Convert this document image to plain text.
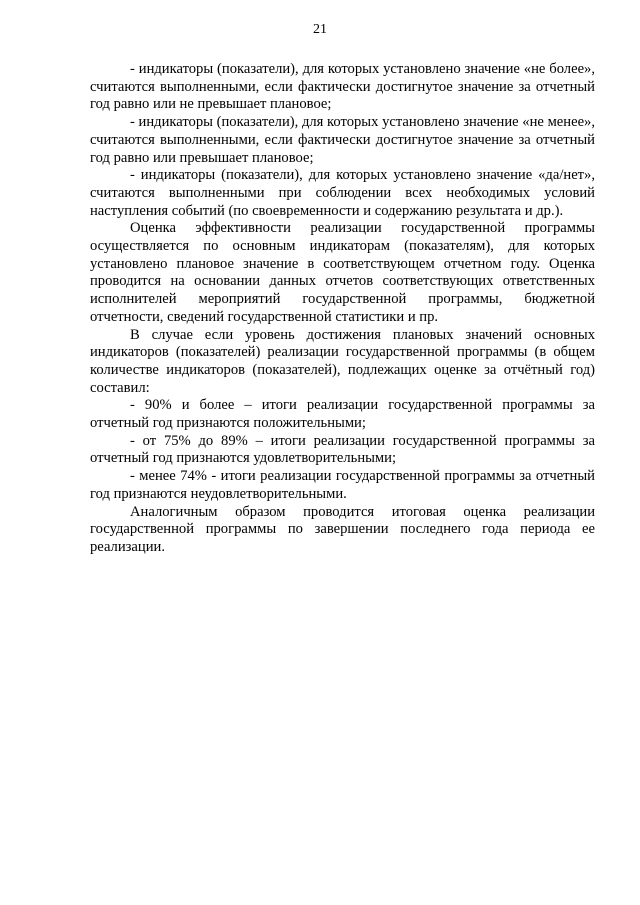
21

- индикаторы (показатели), для которых установлено значение «не более», считаются выполненными, если фактически достигнутое значение за отчетный год равно или не превышает плановое;

- индикаторы (показатели), для которых установлено значение «не менее», считаются выполненными, если фактически достигнутое значение за отчетный год равно или превышает плановое;

- индикаторы (показатели), для которых установлено значение «да/нет», считаются выполненными при соблюдении всех необходимых условий наступления событий (по своевременности и содержанию результата и др.).

Оценка эффективности реализации государственной программы осуществляется по основным индикаторам (показателям), для которых установлено плановое значение в соответствующем отчетном году. Оценка проводится на основании данных отчетов соответствующих ответственных исполнителей мероприятий государственной программы, бюджетной отчетности, сведений государственной статистики и пр.

В случае если уровень достижения плановых значений основных индикаторов (показателей) реализации государственной программы (в общем количестве индикаторов (показателей), подлежащих оценке за отчётный год) составил:

- 90% и более – итоги реализации государственной программы за отчетный год признаются положительными;

- от 75% до 89% – итоги реализации государственной программы за отчетный год признаются удовлетворительными;

- менее 74% - итоги реализации государственной программы за отчетный год признаются неудовлетворительными.

Аналогичным образом проводится итоговая оценка реализации государственной программы по завершении последнего года периода ее реализации.
